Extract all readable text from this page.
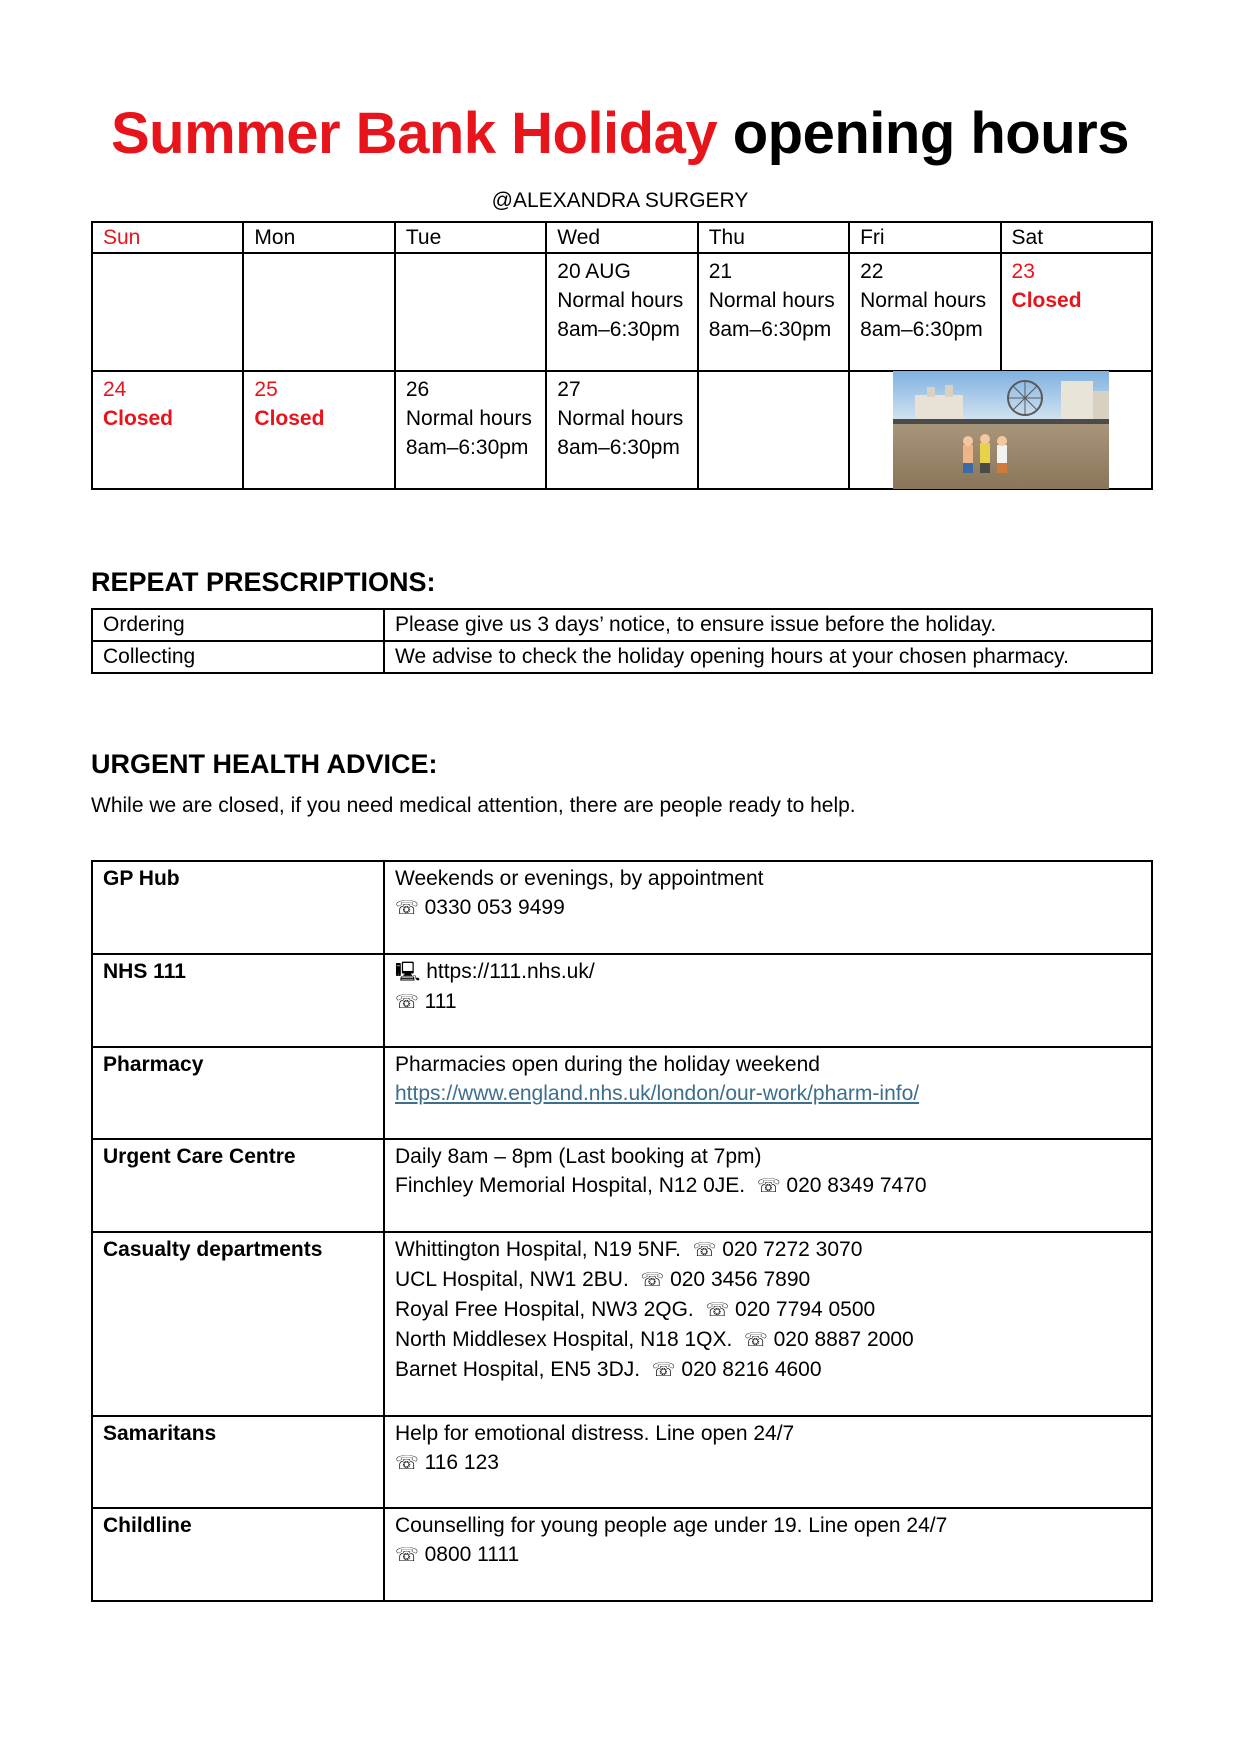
Summer Bank Holiday opening hours
@ALEXANDRA SURGERY
Sun	Mon	Tue	Wed	Thu	Fri	Sat

			20 AUG
Normal hours
8am–6:30pm	21
Normal hours
8am–6:30pm	22
Normal hours
8am–6:30pm	23
Closed

24
Closed	25
Closed	26
Normal hours
8am–6:30pm	27
Normal hours
8am–6:30pm			

REPEAT PRESCRIPTIONS:
Ordering	Please give us 3 days’ notice, to ensure issue before the holiday.
Collecting	We advise to check the holiday opening hours at your chosen pharmacy.
URGENT HEALTH ADVICE:
While we are closed, if you need medical attention, there are people ready to help.
GP Hub	Weekends or evenings, by appointment
☏ 0330 053 9499

NHS 111	🖳 https://111.nhs.uk/
☏ 111

Pharmacy	Pharmacies open during the holiday weekend
https://www.england.nhs.uk/london/our-work/pharm-info/

Urgent Care Centre	Daily 8am – 8pm (Last booking at 7pm)
Finchley Memorial Hospital, N12 0JE. ☏ 020 8349 7470

Casualty departments	Whittington Hospital, N19 5NF. ☏ 020 7272 3070
UCL Hospital, NW1 2BU. ☏ 020 3456 7890
Royal Free Hospital, NW3 2QG. ☏ 020 7794 0500
North Middlesex Hospital, N18 1QX. ☏ 020 8887 2000
Barnet Hospital, EN5 3DJ. ☏ 020 8216 4600

Samaritans	Help for emotional distress. Line open 24/7
☏ 116 123

Childline	Counselling for young people age under 19. Line open 24/7
☏ 0800 1111
